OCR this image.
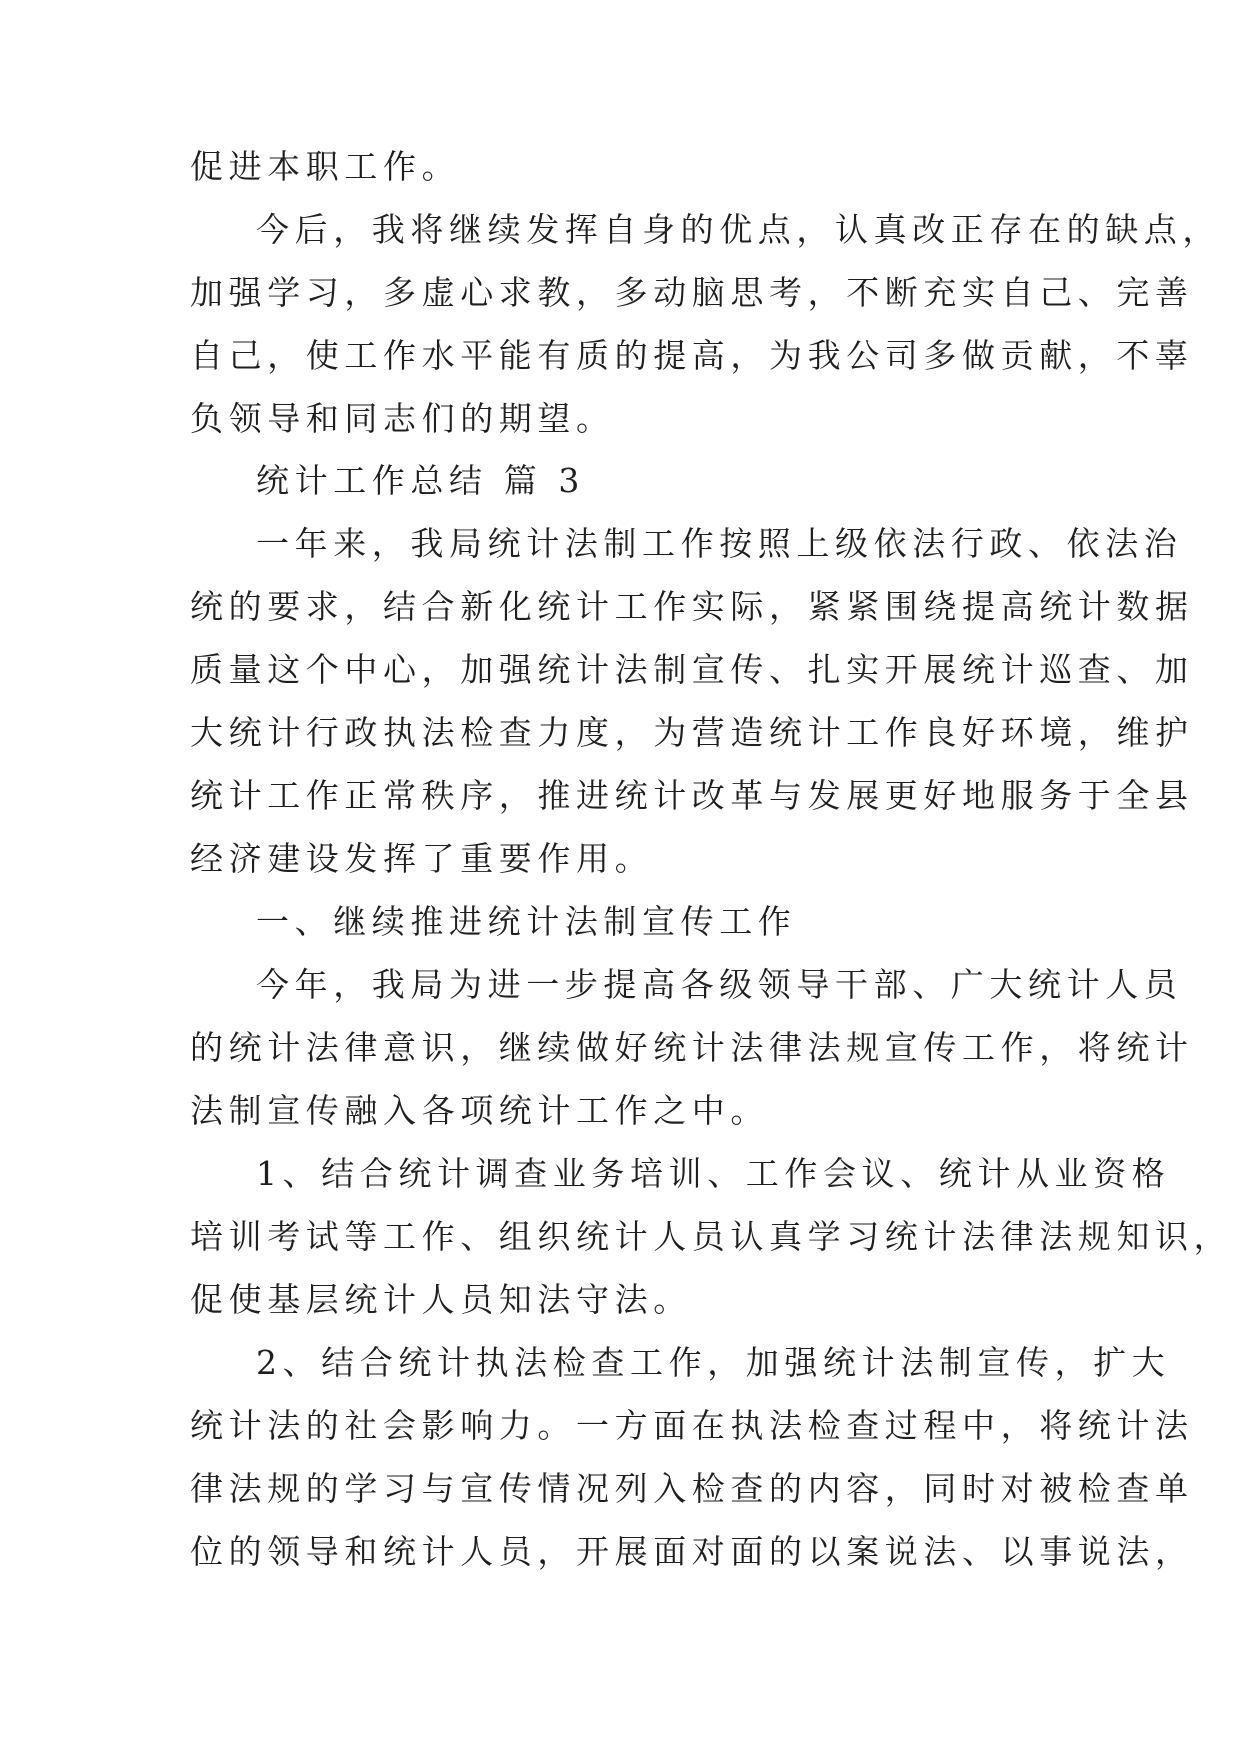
促进本职工作。
今后，我将继续发挥自身的优点，认真改正存在的缺点，
加强学习，多虚心求教，多动脑思考，不断充实自己、完善
自己，使工作水平能有质的提高，为我公司多做贡献，不辜
负领导和同志们的期望。
统计工作总结 篇 3
一年来，我局统计法制工作按照上级依法行政、依法治
统的要求，结合新化统计工作实际，紧紧围绕提高统计数据
质量这个中心，加强统计法制宣传、扎实开展统计巡查、加
大统计行政执法检查力度，为营造统计工作良好环境，维护
统计工作正常秩序，推进统计改革与发展更好地服务于全县
经济建设发挥了重要作用。
一、继续推进统计法制宣传工作
今年，我局为进一步提高各级领导干部、广大统计人员
的统计法律意识，继续做好统计法律法规宣传工作，将统计
法制宣传融入各项统计工作之中。
1、结合统计调查业务培训、工作会议、统计从业资格
培训考试等工作、组织统计人员认真学习统计法律法规知识，
促使基层统计人员知法守法。
2、结合统计执法检查工作，加强统计法制宣传，扩大
统计法的社会影响力。一方面在执法检查过程中，将统计法
律法规的学习与宣传情况列入检查的内容，同时对被检查单
位的领导和统计人员，开展面对面的以案说法、以事说法，
